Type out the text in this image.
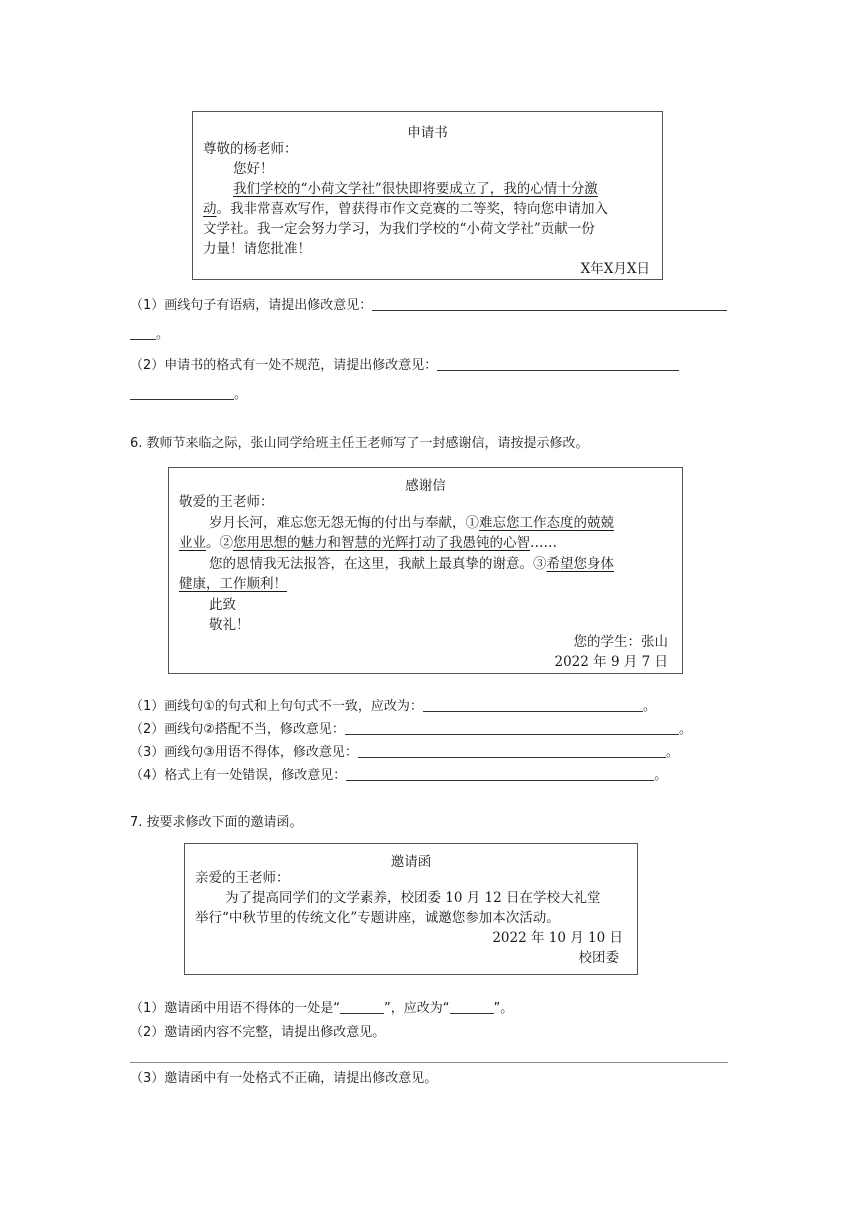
申请书
尊敬的杨老师：
您好！
我们学校的“小荷文学社”很快即将要成立了，我的心情十分激
动。我非常喜欢写作，曾获得市作文竞赛的二等奖，特向您申请加入
文学社。我一定会努力学习，为我们学校的“小荷文学社”贡献一份
力量！请您批准！
X年X月X日
（1）画线句子有语病，请提出修改意见：
。
（2）申请书的格式有一处不规范，请提出修改意见：
。
6. 教师节来临之际，张山同学给班主任王老师写了一封感谢信，请按提示修改。
感谢信
敬爱的王老师：
岁月长河，难忘您无怨无悔的付出与奉献，①难忘您工作态度的兢兢
业业。②您用思想的魅力和智慧的光辉打动了我愚钝的心智……
您的恩情我无法报答，在这里，我献上最真挚的谢意。③希望您身体
健康，工作顺利！
此致
敬礼！
您的学生：张山
2022 年 9 月 7 日
（1）画线句①的句式和上句句式不一致，应改为：	。
（2）画线句②搭配不当，修改意见：	。
（3）画线句③用语不得体，修改意见：	。
（4）格式上有一处错误，修改意见：	。
7. 按要求修改下面的邀请函。
邀请函
亲爱的王老师：
为了提高同学们的文学素养，校团委 10 月 12 日在学校大礼堂
举行“中秋节里的传统文化”专题讲座，诚邀您参加本次活动。
2022 年 10 月 10 日
校团委
（1）邀请函中用语不得体的一处是“	”，应改为“	”。
（2）邀请函内容不完整，请提出修改意见。
（3）邀请函中有一处格式不正确，请提出修改意见。
